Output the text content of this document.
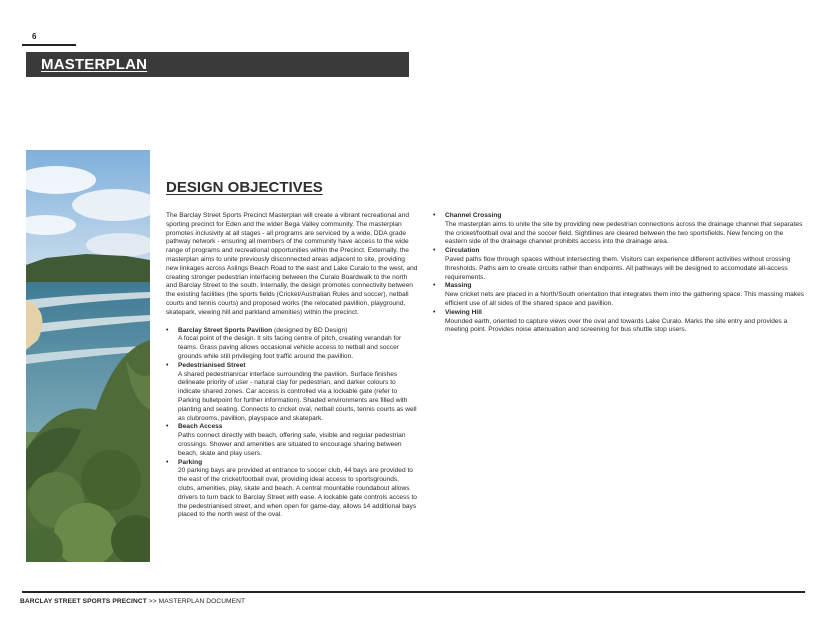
6
MASTERPLAN
DESIGN OBJECTIVES

The Barclay Street Sports Precinct Masterplan will create a vibrant recreational and sporting precinct for Eden and the wider Bega Valley community. The masterplan promotes inclusivity at all stages - all programs are serviced by a wide, DDA grade pathway network - ensuring all members of the community have access to the wide range of programs and recreational opportunities within the Precinct. Externally, the masterplan aims to unite previously disconnected areas adjacent to site, providing new linkages across Aslings Beach Road to the east and Lake Curalo to the west, and creating stronger pedestrian interfacing between the Curalo Boardwalk to the north and Barclay Street to the south. Internally, the design promotes connectivity between the existing facilities (the sports fields (Cricket/Australian Rules and soccer), netball courts and tennis courts) and proposed works (the relocated pavillion, playground, skatepark, viewing hill and parkland amenities) within the precinct.

• Barclay Street Sports Pavilion (designed by BD Design)
A focal point of the design. It sits facing centre of pitch, creating verandah for teams. Grass paving allows occasional vehicle access to netball and soccer grounds while still privileging foot traffic around the pavillion.
• Pedestrianised Street
A shared pedestrian/car interface surrounding the pavilion. Surface finishes delineate priority of user - natural clay for pedestrian, and darker colours to indicate shared zones. Car access is controlled via a lockable gate (refer to Parking bulletpoint for further information). Shaded environments are filled with planting and seating. Connects to cricket oval, netball courts, tennis courts as well as clubrooms, pavillion, playspace and skatepark.
• Beach Access
Paths connect directly with beach, offering safe, visible and regular pedestrian crossings. Shower and amenities are situated to encourage sharing between beach, skate and play users.
• Parking
20 parking bays are provided at entrance to soccer club, 44 bays are provided to the east of the cricket/football oval, providing ideal access to sportsgrounds, clubs, amenities, play, skate and beach. A central mountable roundabout allows drivers to turn back to Barclay Street with ease. A lockable gate controls access to the pedestrianised street, and when open for game-day, allows 14 additional bays placed to the north west of the oval.
• Channel Crossing
The masterplan aims to unite the site by providing new pedestrian connections across the drainage channel that separates the cricket/football oval and the soccer field. Sightlines are cleared between the two sportsfields. New fencing on the eastern side of the drainage channel prohibits access into the drainage area.
• Circulation
Paved paths flow through spaces without intersecting them. Visitors can experience different activities without crossing thresholds. Paths aim to create circuits rather than endpoints. All pathways will be designed to accomodate all-access requirements.
• Massing
New cricket nets are placed in a North/South orientation that integrates them into the gathering space. This massing makes efficient use of all sides of the shared space and pavillion.
• Viewing Hill
Mounded earth, oriented to capture views over the oval and towards Lake Curalo. Marks the site entry and provides a meeting point. Provides noise attenuation and screening for bus shuttle stop users.
BARCLAY STREET SPORTS PRECINCT >> MASTERPLAN DOCUMENT
